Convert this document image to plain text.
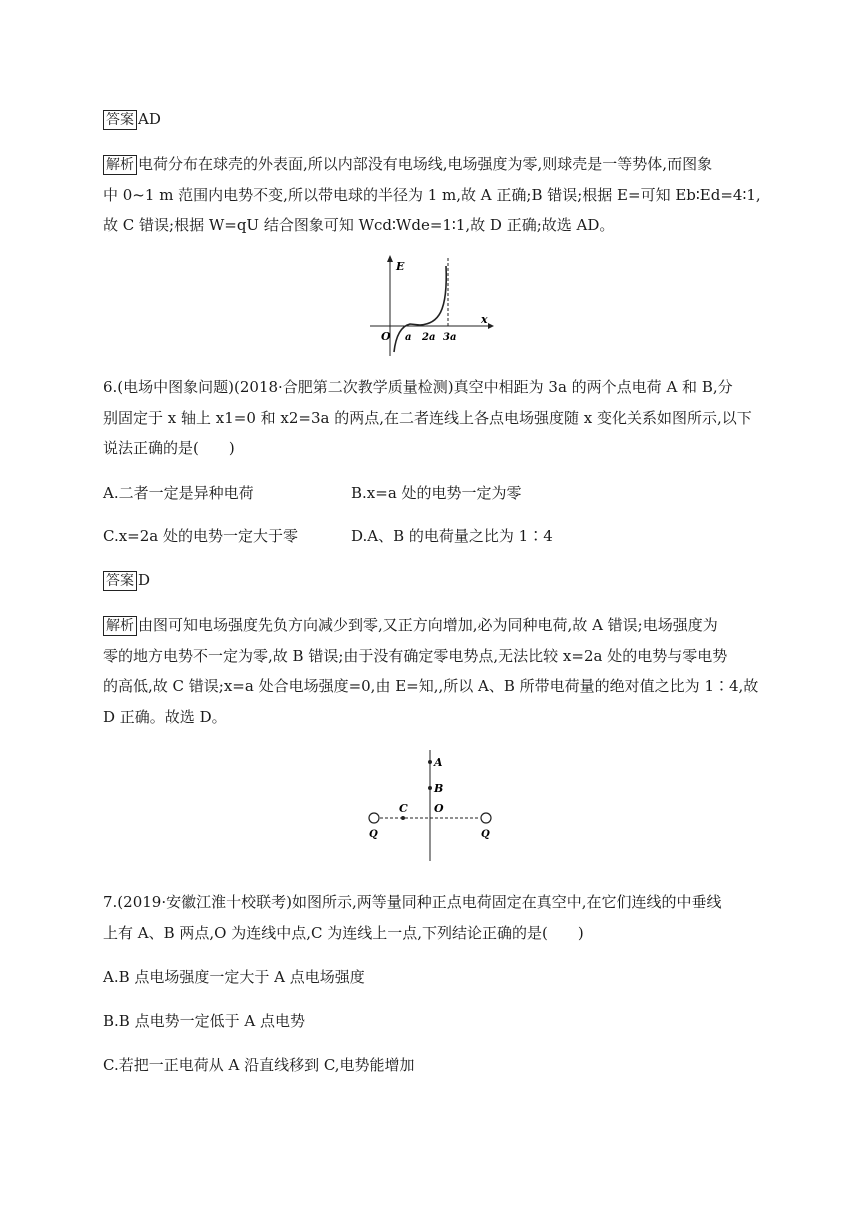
答案 AD
解析 电荷分布在球壳的外表面,所以内部没有电场线,电场强度为零,则球壳是一等势体,而图象
中 0~1 m 范围内电势不变,所以带电球的半径为 1 m,故 A 正确;B 错误;根据 E=可知 Eb∶Ed=4∶1,
故 C 错误;根据 W=qU 结合图象可知 Wcd∶Wde=1∶1,故 D 正确;故选 AD。
E
x
O a 2a 3a
6.(电场中图象问题)(2018·合肥第二次教学质量检测)真空中相距为 3a 的两个点电荷 A 和 B,分
别固定于 x 轴上 x1=0 和 x2=3a 的两点,在二者连线上各点电场强度随 x 变化关系如图所示,以下
说法正确的是(　　)
A.二者一定是异种电荷	B.x=a 处的电势一定为零
C.x=2a 处的电势一定大于零	D.A、B 的电荷量之比为 1∶4
答案 D
解析 由图可知电场强度先负方向减少到零,又正方向增加,必为同种电荷,故 A 错误;电场强度为
零的地方电势不一定为零,故 B 错误;由于没有确定零电势点,无法比较 x=2a 处的电势与零电势
的高低,故 C 错误;x=a 处合电场强度=0,由 E=知,,所以 A、B 所带电荷量的绝对值之比为 1∶4,故
D 正确。故选 D。
A
B
C O
Q	Q
7.(2019·安徽江淮十校联考)如图所示,两等量同种正点电荷固定在真空中,在它们连线的中垂线
上有 A、B 两点,O 为连线中点,C 为连线上一点,下列结论正确的是(　　)
A.B 点电场强度一定大于 A 点电场强度
B.B 点电势一定低于 A 点电势
C.若把一正电荷从 A 沿直线移到 C,电势能增加
